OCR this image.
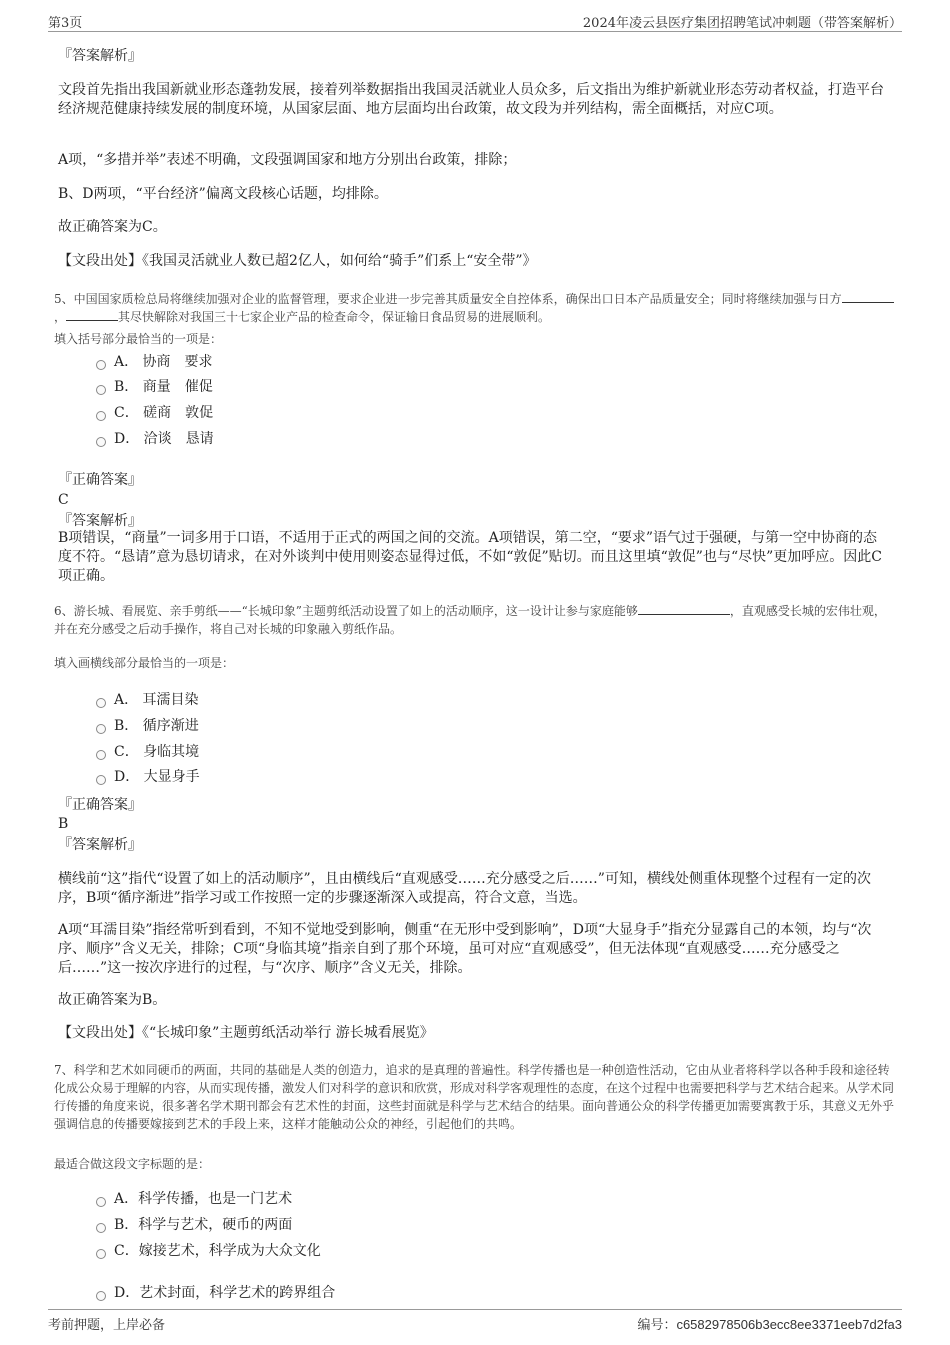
第3页	2024年凌云县医疗集团招聘笔试冲刺题（带答案解析）
『答案解析』
文段首先指出我国新就业形态蓬勃发展，接着列举数据指出我国灵活就业人员众多，后文指出为维护新就业形态劳动者权益，打造平台经济规范健康持续发展的制度环境，从国家层面、地方层面均出台政策，故文段为并列结构，需全面概括，对应C项。
A项，“多措并举”表述不明确，文段强调国家和地方分别出台政策，排除；
B、D两项，“平台经济”偏离文段核心话题，均排除。
故正确答案为C。
【文段出处】《我国灵活就业人数已超2亿人，如何给“骑手”们系上“安全带”》
5、中国国家质检总局将继续加强对企业的监督管理，要求企业进一步完善其质量安全自控体系，确保出口日本产品质量安全；同时将继续加强与日方，	其尽快解除对我国三十七家企业产品的检查命令，保证输日食品贸易的进展顺利。
填入括号部分最恰当的一项是：
A． 协商　要求
B． 商量　催促
C． 磋商　敦促
D． 洽谈　恳请
『正确答案』
C
『答案解析』
B项错误，“商量”一词多用于口语，不适用于正式的两国之间的交流。A项错误，第二空，“要求”语气过于强硬，与第一空中协商的态度不符。“恳请”意为恳切请求，在对外谈判中使用则姿态显得过低，不如“敦促”贴切。而且这里填“敦促”也与“尽快”更加呼应。因此C项正确。
6、游长城、看展览、亲手剪纸——“长城印象”主题剪纸活动设置了如上的活动顺序，这一设计让参与家庭能够	，直观感受长城的宏伟壮观，并在充分感受之后动手操作，将自己对长城的印象融入剪纸作品。
填入画横线部分最恰当的一项是：
A． 耳濡目染
B． 循序渐进
C． 身临其境
D． 大显身手
『正确答案』
B
『答案解析』
横线前“这”指代“设置了如上的活动顺序”，且由横线后“直观感受……充分感受之后……”可知，横线处侧重体现整个过程有一定的次序，B项“循序渐进”指学习或工作按照一定的步骤逐渐深入或提高，符合文意，当选。
A项“耳濡目染”指经常听到看到，不知不觉地受到影响，侧重“在无形中受到影响”，D项“大显身手”指充分显露自己的本领，均与“次序、顺序”含义无关，排除；C项“身临其境”指亲自到了那个环境，虽可对应“直观感受”，但无法体现“直观感受……充分感受之后……”这一按次序进行的过程，与“次序、顺序”含义无关，排除。
故正确答案为B。
【文段出处】《“长城印象”主题剪纸活动举行 游长城看展览》
7、科学和艺术如同硬币的两面，共同的基础是人类的创造力，追求的是真理的普遍性。科学传播也是一种创造性活动，它由从业者将科学以各种手段和途径转化成公众易于理解的内容，从而实现传播，激发人们对科学的意识和欣赏，形成对科学客观理性的态度，在这个过程中也需要把科学与艺术结合起来。从学术同行传播的角度来说，很多著名学术期刊都会有艺术性的封面，这些封面就是科学与艺术结合的结果。面向普通公众的科学传播更加需要寓教于乐，其意义无外乎强调信息的传播要嫁接到艺术的手段上来，这样才能触动公众的神经，引起他们的共鸣。
最适合做这段文字标题的是：
A．科学传播，也是一门艺术
B．科学与艺术，硬币的两面
C．嫁接艺术，科学成为大众文化
D．艺术封面，科学艺术的跨界组合
考前押题，上岸必备	编号：c6582978506b3ecc8ee3371eeb7d2fa3
